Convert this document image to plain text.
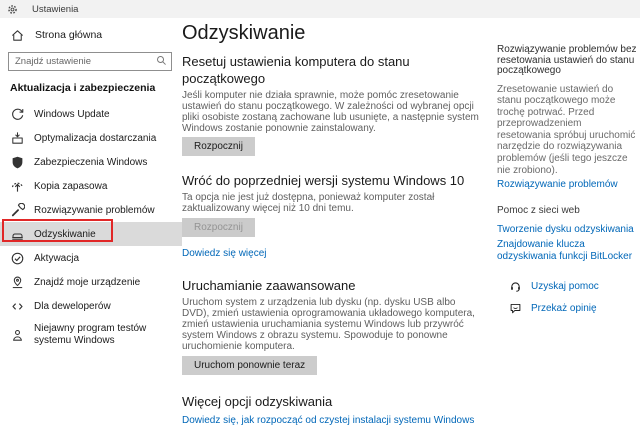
Ustawienia
Strona główna
Znajdź ustawienie
Aktualizacja i zabezpieczenia
Windows Update
Optymalizacja dostarczania
Zabezpieczenia Windows
Kopia zapasowa
Rozwiązywanie problemów
Odzyskiwanie
Aktywacja
Znajdź moje urządzenie
Dla deweloperów
Niejawny program testów systemu Windows
Odzyskiwanie
Resetuj ustawienia komputera do stanu początkowego

Jeśli komputer nie działa sprawnie, może pomóc zresetowanie ustawień do stanu początkowego. W zależności od wybranej opcji pliki osobiste zostaną zachowane lub usunięte, a następnie system Windows zostanie ponownie zainstalowany.

Rozpocznij
Wróć do poprzedniej wersji systemu Windows 10

Ta opcja nie jest już dostępna, ponieważ komputer został zaktualizowany więcej niż 10 dni temu.

Rozpocznij
Dowiedz się więcej
Uruchamianie zaawansowane

Uruchom system z urządzenia lub dysku (np. dysku USB albo DVD), zmień ustawienia oprogramowania układowego komputera, zmień ustawienia uruchamiania systemu Windows lub przywróć system Windows z obrazu systemu. Spowoduje to ponowne uruchomienie komputera.

Uruchom ponownie teraz
Więcej opcji odzyskiwania
Dowiedz się, jak rozpocząć od czystej instalacji systemu Windows
Rozwiązywanie problemów bez resetowania ustawień do stanu początkowego

Zresetowanie ustawień do stanu początkowego może trochę potrwać. Przed przeprowadzeniem resetowania spróbuj uruchomić narzędzie do rozwiązywania problemów (jeśli tego jeszcze nie zrobiono).

Rozwiązywanie problemów
Pomoc z sieci web
Tworzenie dysku odzyskiwania
Znajdowanie klucza odzyskiwania funkcji BitLocker
Uzyskaj pomoc
Przekaż opinię
